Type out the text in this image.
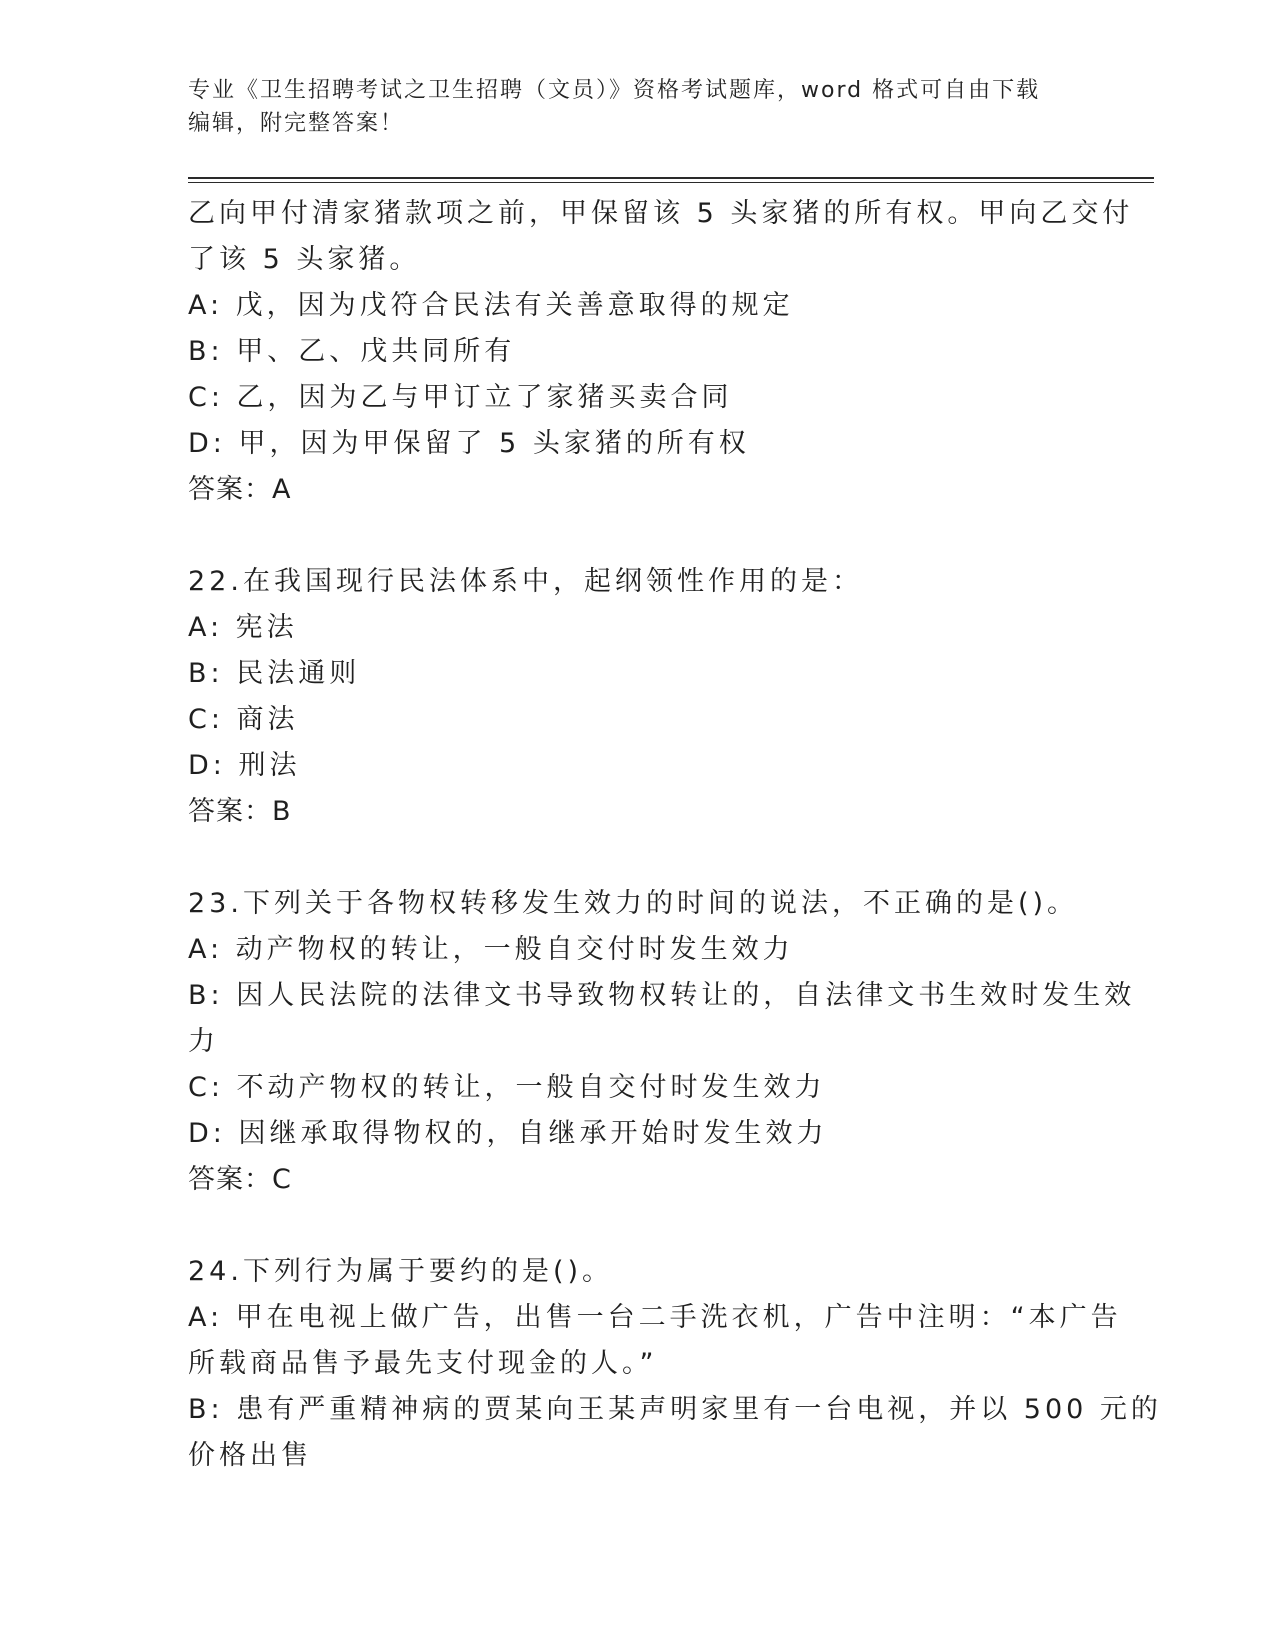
专业《卫生招聘考试之卫生招聘（文员）》资格考试题库，word 格式可自由下载
编辑，附完整答案！
乙向甲付清家猪款项之前，甲保留该 5 头家猪的所有权。甲向乙交付
了该 5 头家猪。
A: 戊，因为戊符合民法有关善意取得的规定
B: 甲、乙、戊共同所有
C: 乙，因为乙与甲订立了家猪买卖合同
D: 甲，因为甲保留了 5 头家猪的所有权
答案：A
22.在我国现行民法体系中，起纲领性作用的是：
A: 宪法
B: 民法通则
C: 商法
D: 刑法
答案：B
23.下列关于各物权转移发生效力的时间的说法，不正确的是()。
A: 动产物权的转让，一般自交付时发生效力
B: 因人民法院的法律文书导致物权转让的，自法律文书生效时发生效
力
C: 不动产物权的转让，一般自交付时发生效力
D: 因继承取得物权的，自继承开始时发生效力
答案：C
24.下列行为属于要约的是()。
A: 甲在电视上做广告，出售一台二手洗衣机，广告中注明：“本广告
所载商品售予最先支付现金的人。”
B: 患有严重精神病的贾某向王某声明家里有一台电视，并以 500 元的
价格出售
